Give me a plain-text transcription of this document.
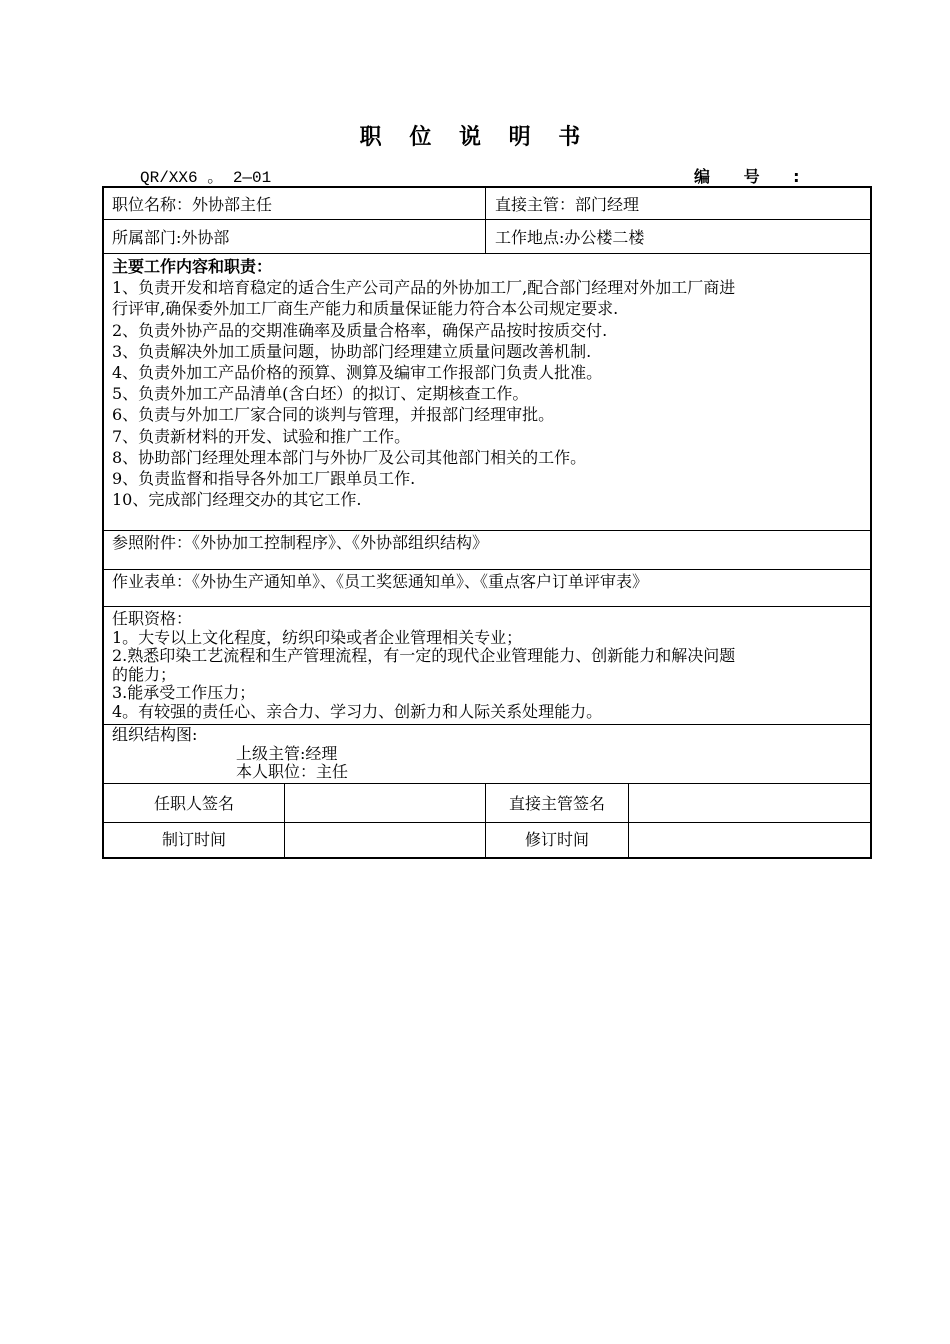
职 位 说 明 书
QR/XX6 。 2—01	编 号 :
职位名称：外协部主任	直接主管：部门经理
所属部门:外协部	工作地点:办公楼二楼
主要工作内容和职责：
1、负责开发和培育稳定的适合生产公司产品的外协加工厂,配合部门经理对外加工厂商进
行评审,确保委外加工厂商生产能力和质量保证能力符合本公司规定要求.
2、负责外协产品的交期准确率及质量合格率，确保产品按时按质交付.
3、负责解决外加工质量问题，协助部门经理建立质量问题改善机制.
4、负责外加工产品价格的预算、测算及编审工作报部门负责人批准。
5、负责外加工产品清单(含白坯）的拟订、定期核查工作。
6、负责与外加工厂家合同的谈判与管理，并报部门经理审批。
7、负责新材料的开发、试验和推广工作。
8、协助部门经理处理本部门与外协厂及公司其他部门相关的工作。
9、负责监督和指导各外加工厂跟单员工作.
10、完成部门经理交办的其它工作.
参照附件：《外协加工控制程序》、《外协部组织结构》
作业表单：《外协生产通知单》、《员工奖惩通知单》、《重点客户订单评审表》
任职资格：
1。大专以上文化程度，纺织印染或者企业管理相关专业；
2.熟悉印染工艺流程和生产管理流程，有一定的现代企业管理能力、创新能力和解决问题
的能力；
3.能承受工作压力；
4。有较强的责任心、亲合力、学习力、创新力和人际关系处理能力。
组织结构图:
上级主管:经理
本人职位：主任
任职人签名	直接主管签名
制订时间	修订时间
